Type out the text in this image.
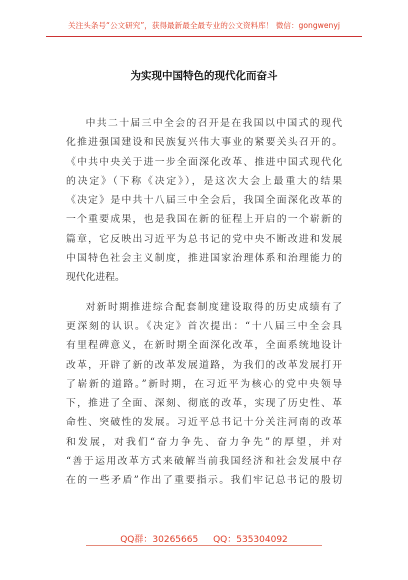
关注头条号“公文研究”，获得最新最全最专业的公文资料库！ 微信：gongwenyj
为实现中国特色的现代化而奋斗

中共二十届三中全会的召开是在我国以中国式的现代
化推进强国建设和民族复兴伟大事业的紧要关头召开的。
《中共中央关于进一步全面深化改革、推进中国式现代化
的决定》（下称《决定》），是这次大会上最重大的结果
《决定》是中共十八届三中全会后，我国全面深化改革的
一个重要成果，也是我国在新的征程上开启的一个崭新的
篇章，它反映出习近平为总书记的党中央不断改进和发展
中国特色社会主义制度，推进国家治理体系和治理能力的
现代化进程。

对新时期推进综合配套制度建设取得的历史成绩有了
更深刻的认识。《决定》首次提出：“十八届三中全会具
有里程碑意义，在新时期全面深化改革，全面系统地设计
改革，开辟了新的改革发展道路，为我们的改革发展打开
了崭新的道路。”新时期，在习近平为核心的党中央领导
下，推进了全面、深刻、彻底的改革，实现了历史性、革
命性、突破性的发展。习近平总书记十分关注河南的改革
和发展，对我们“奋力争先、奋力争先”的厚望，并对
“善于运用改革方式来破解当前我国经济和社会发展中存
在的一些矛盾”作出了重要指示。我们牢记总书记的殷切

QQ群：30265665 QQ：535304092
